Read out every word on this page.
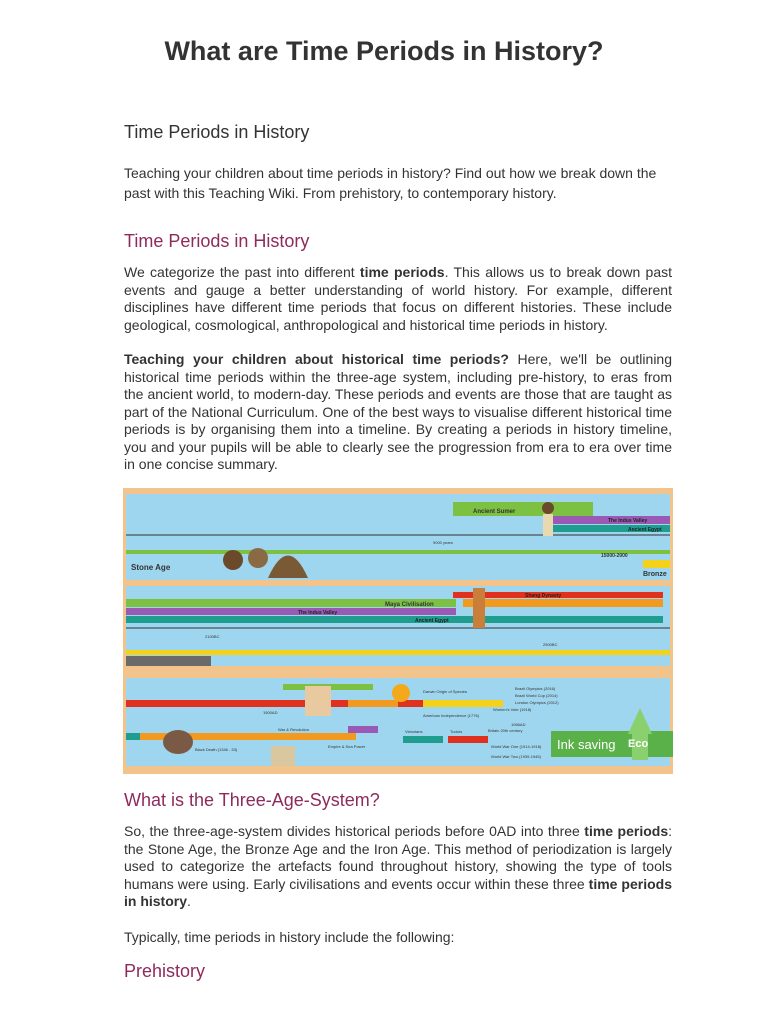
What are Time Periods in History?
Time Periods in History

Teaching your children about time periods in history? Find out how we break down the past with this Teaching Wiki. From prehistory, to contemporary history.

Time Periods in History

We categorize the past into different time periods. This allows us to break down past events and gauge a better understanding of world history. For example, different disciplines have different time periods that focus on different histories. These include geological, cosmological, anthropological and historical time periods in history.

Teaching your children about historical time periods? Here, we'll be outlining historical time periods within the three-age system, including pre-history, to eras from the ancient world, to modern-day. These periods and events are those that are taught as part of the National Curriculum. One of the best ways to visualise different historical time periods is by organising them into a timeline. By creating a periods in history timeline, you and your pupils will be able to clearly see the progression from era to era over time in one concise summary.

Ancient Sumer
The Indus Valley
Ancient Egypt
9000 years
15000-2000
Stone Age
Bronze
Shang Dynasty
Maya Civilisation
The Indus Valley
Ancient Egypt
2100BC
2500BC
1500AD
Darwin Origin of Species
Brazil Olympics (2016)
Brazil World Cup (2014)
London Olympics (2012)
Women's Vote (1918)
American Independence (1776)
War & Revolution	Victorians	Tudors
Empire & Sea Power
Black Death (1346 - 53)
1066AD
Britain 20th century
World War One (1914-1918)
World War Two (1939-1945)
Ink saving Eco
What is the Three-Age-System?

So, the three-age-system divides historical periods before 0AD into three time periods: the Stone Age, the Bronze Age and the Iron Age. This method of periodization is largely used to categorize the artefacts found throughout history, showing the type of tools humans were using. Early civilisations and events occur within these three time periods in history.

Typically, time periods in history include the following:

Prehistory
